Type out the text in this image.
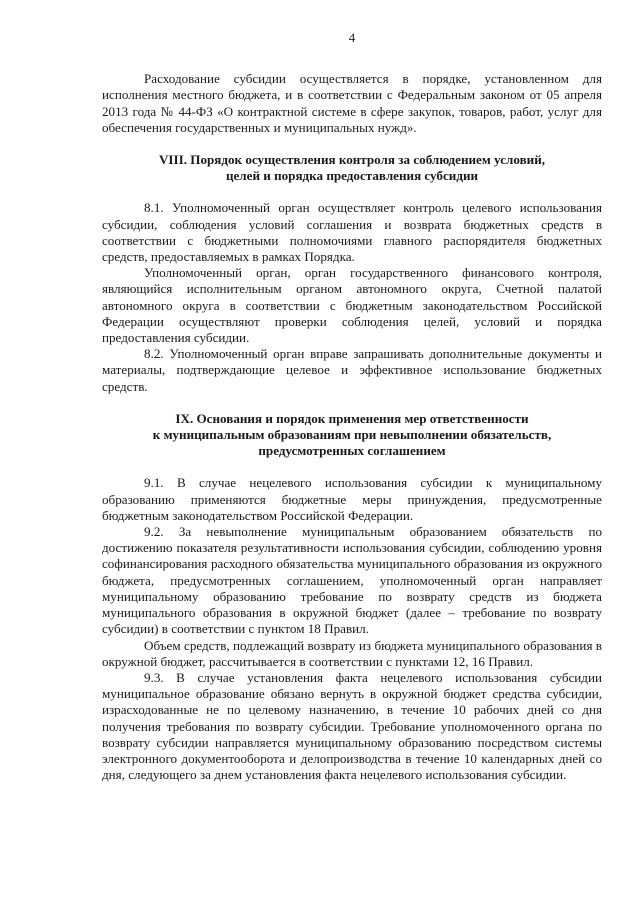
4

Расходование субсидии осуществляется в порядке, установленном для исполнения местного бюджета, и в соответствии с Федеральным законом от 05 апреля 2013 года № 44-ФЗ «О контрактной системе в сфере закупок, товаров, работ, услуг для обеспечения государственных и муниципальных нужд».

VIII. Порядок осуществления контроля за соблюдением условий,
целей и порядка предоставления субсидии

8.1. Уполномоченный орган осуществляет контроль целевого использования субсидии, соблюдения условий соглашения и возврата бюджетных средств в соответствии с бюджетными полномочиями главного распорядителя бюджетных средств, предоставляемых в рамках Порядка.

Уполномоченный орган, орган государственного финансового контроля, являющийся исполнительным органом автономного округа, Счетной палатой автономного округа в соответствии с бюджетным законодательством Российской Федерации осуществляют проверки соблюдения целей, условий и порядка предоставления субсидии.

8.2. Уполномоченный орган вправе запрашивать дополнительные документы и материалы, подтверждающие целевое и эффективное использование бюджетных средств.

IX. Основания и порядок применения мер ответственности
к муниципальным образованиям при невыполнении обязательств,
предусмотренных соглашением

9.1. В случае нецелевого использования субсидии к муниципальному образованию применяются бюджетные меры принуждения, предусмотренные бюджетным законодательством Российской Федерации.

9.2. За невыполнение муниципальным образованием обязательств по достижению показателя результативности использования субсидии, соблюдению уровня софинансирования расходного обязательства муниципального образования из окружного бюджета, предусмотренных соглашением, уполномоченный орган направляет муниципальному образованию требование по возврату средств из бюджета муниципального образования в окружной бюджет (далее – требование по возврату субсидии) в соответствии с пунктом 18 Правил.

Объем средств, подлежащий возврату из бюджета муниципального образования в окружной бюджет, рассчитывается в соответствии с пунктами 12, 16 Правил.

9.3. В случае установления факта нецелевого использования субсидии муниципальное образование обязано вернуть в окружной бюджет средства субсидии, израсходованные не по целевому назначению, в течение 10 рабочих дней со дня получения требования по возврату субсидии. Требование уполномоченного органа по возврату субсидии направляется муниципальному образованию посредством системы электронного документооборота и делопроизводства в течение 10 календарных дней со дня, следующего за днем установления факта нецелевого использования субсидии.
